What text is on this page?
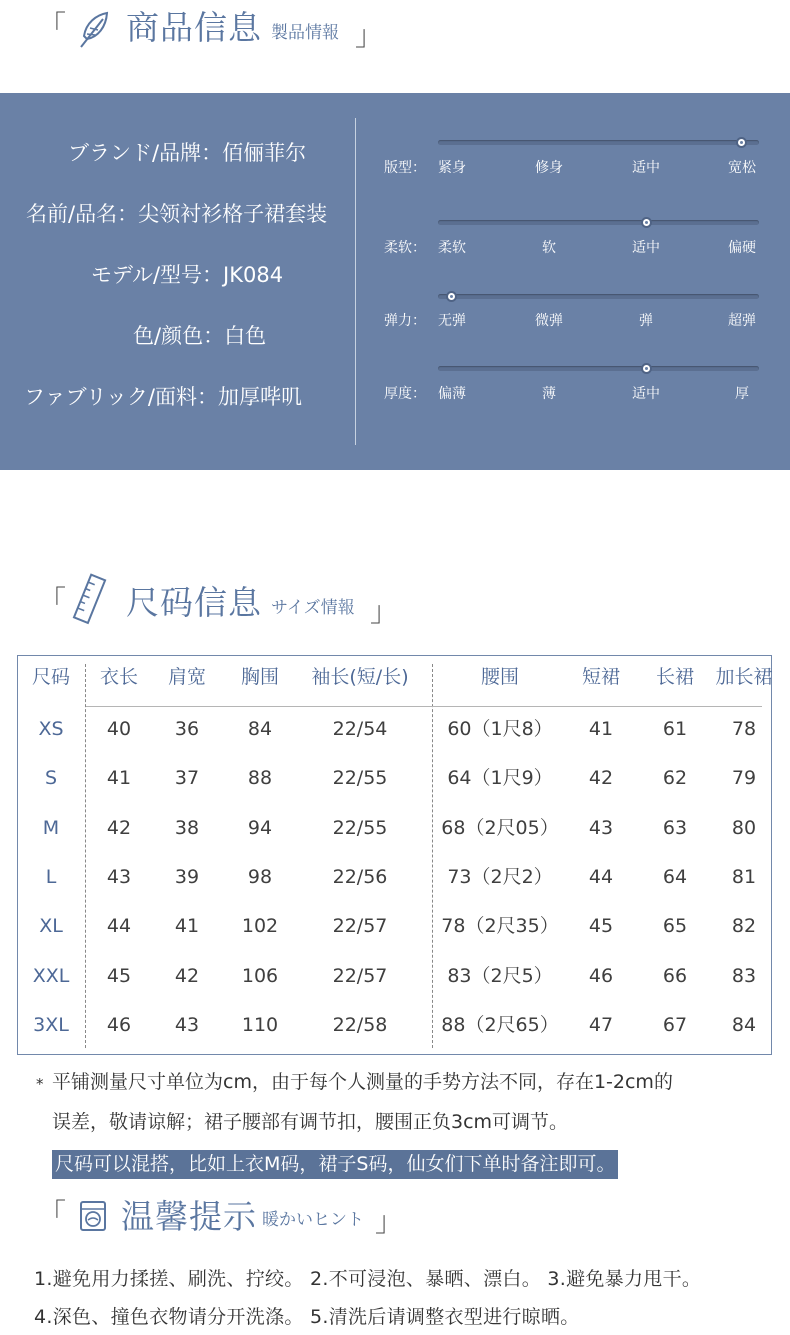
「 商品信息 製品情報 」
ブランド/品牌：佰俪菲尔
名前/品名：尖领衬衫格子裙套装
モデル/型号：JK084
色/颜色：白色
ファブリック/面料：加厚哔叽
版型： 紧身	修身	适中	宽松
柔软： 柔软	软	适中	偏硬
弹力： 无弹	微弹	弹	超弹
厚度： 偏薄	薄	适中	厚
「 尺码信息 サイズ情報 」
尺码 衣长 肩宽 胸围 袖长(短/长)	腰围	短裙 长裙 加长裙
XS 40 36	84	22/54	60（1尺8） 41	61 78
S	41 37	88	22/55	64（1尺9） 42	62 79
M	42 38	94	22/55	68（2尺05） 43	63 80
L	43 39	98	22/56	73（2尺2） 44	64 81
XL 44 41 102	22/57	78（2尺35） 45	65 82
XXL 45 42 106	22/57	83（2尺5） 46	66 83
3XL 46 43 110	22/58	88（2尺65） 47	67 84
* 平铺测量尺寸单位为cm，由于每个人测量的手势方法不同，存在1-2cm的
误差，敬请谅解；裙子腰部有调节扣，腰围正负3cm可调节。
尺码可以混搭，比如上衣M码，裙子S码，仙女们下单时备注即可。
「 温馨提示 暖かいヒント 」
1.避免用力揉搓、刷洗、拧绞。 2.不可浸泡、暴晒、漂白。 3.避免暴力甩干。
4.深色、撞色衣物请分开洗涤。 5.清洗后请调整衣型进行晾晒。
